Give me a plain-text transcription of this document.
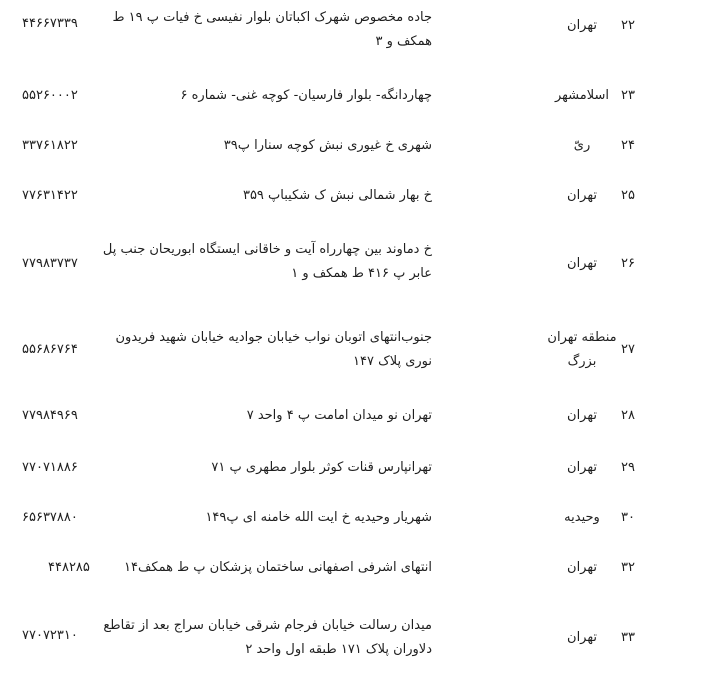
۲۲
تهران
جاده مخصوص شهرک اکباتان بلوار نفیسی خ فیات پ ۱۹ ط همکف و ۳
۴۴۶۶۷۳۳۹
۲۳
اسلامشهر
چهاردانگه- بلوار فارسیان- کوچه غنی- شماره ۶
۵۵۲۶۰۰۰۲
۲۴
ریّ
شهری خ غیوری نبش کوچه سنارا پ۳۹
۳۳۷۶۱۸۲۲
۲۵
تهران
خ بهار شمالی نبش ک شکیباپ ۳۵۹
۷۷۶۳۱۴۲۲
۲۶
تهران
خ دماوند بین چهارراه آیت و خاقانی ایستگاه ابوریحان جنب پل عابر پ ۴۱۶ ط همکف و ۱
۷۷۹۸۳۷۳۷
۲۷
منطقه تهران بزرگ
جنوب‌انتهای اتوبان نواب خیابان جوادیه خیابان شهید فریدون نوری پلاک ۱۴۷
۵۵۶۸۶۷۶۴
۲۸
تهران
تهران نو میدان امامت پ ۴ واحد ۷
۷۷۹۸۴۹۶۹
۲۹
تهران
تهرانپارس قنات کوثر بلوار مطهری پ ۷۱
۷۷۰۷۱۸۸۶
۳۰
وحیدیه
شهریار وحیدیه خ ایت الله خامنه ای پ۱۴۹
۶۵۶۳۷۸۸۰
۳۲
تهران
انتهای اشرفی اصفهانی ساختمان پزشکان پ ط همکف۱۴
۴۴۸۲۸۵
۳۳
تهران
میدان رسالت خیابان فرجام شرقی خیابان سراج بعد از تقاطع دلاوران پلاک ۱۷۱ طبقه اول واحد ۲
۷۷۰۷۲۳۱۰
